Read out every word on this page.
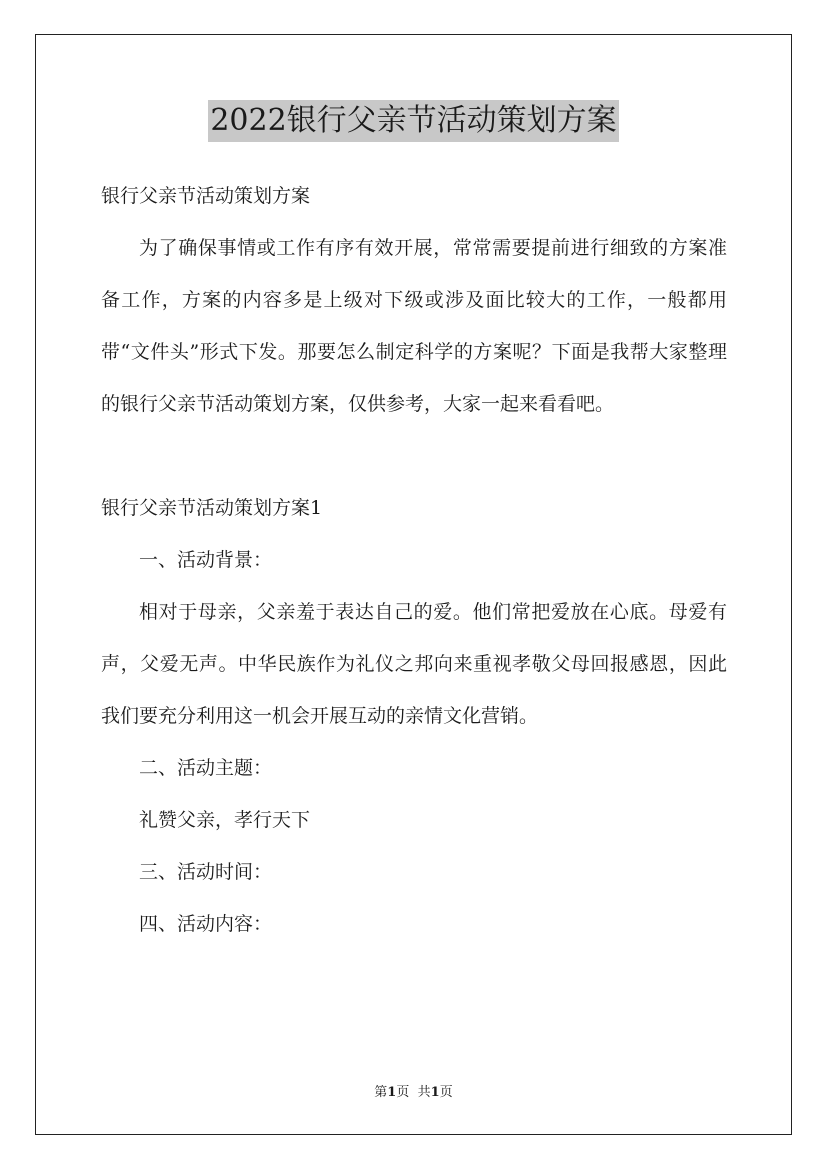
2022银行父亲节活动策划方案

银行父亲节活动策划方案

为了确保事情或工作有序有效开展，常常需要提前进行细致的方案准备工作，方案的内容多是上级对下级或涉及面比较大的工作，一般都用带“文件头”形式下发。那要怎么制定科学的方案呢？下面是我帮大家整理的银行父亲节活动策划方案，仅供参考，大家一起来看看吧。

银行父亲节活动策划方案1

一、活动背景：

相对于母亲，父亲羞于表达自己的爱。他们常把爱放在心底。母爱有声，父爱无声。中华民族作为礼仪之邦向来重视孝敬父母回报感恩，因此我们要充分利用这一机会开展互动的亲情文化营销。

二、活动主题：

礼赞父亲，孝行天下

三、活动时间：

四、活动内容：

第1页 共1页
